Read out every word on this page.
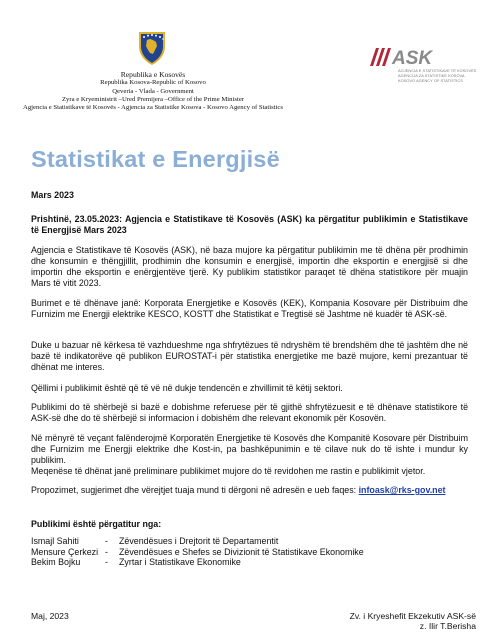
Republika e Kosovës
Republika Kosova-Republic of Kosovo
Qeveria - Vlada - Government
Zyra e Kryeministrit –Ured Premijera –Office of the Prime Minister
Agjencia e Statistikave të Kosovës - Agjencia za Statistike Kosova - Kosovo Agency of Statistics
ASK
AGJENCIA E STATISTIKAVE TË KOSOVËS
AGENCIJA ZA STATISTIKE KOSOVA
KOSOVO AGENCY OF STATISTICS
Statistikat e Energjisë
Mars 2023
Prishtinë, 23.05.2023: Agjencia e Statistikave të Kosovës (ASK) ka përgatitur publikimin e Statistikave të Energjisë Mars 2023
Agjencia e Statistikave të Kosovës (ASK), në baza mujore ka përgatitur publikimin me të dhëna për prodhimin dhe konsumin e thëngjillit, prodhimin dhe konsumin e energjisë, importin dhe eksportin e energjisë si dhe importin dhe eksportin e enërgjentëve tjerë. Ky publikim statistikor paraqet të dhëna statistikore për muajin Mars të vitit 2023.
Burimet e të dhënave janë: Korporata Energjetike e Kosovës (KEK), Kompania Kosovare për Distribuim dhe Furnizim me Energji elektrike KESCO, KOSTT dhe Statistikat e Tregtisë së Jashtme në kuadër të ASK-së.
Duke u bazuar në kërkesa të vazhdueshme nga shfrytëzues të ndryshëm të brendshëm dhe të jashtëm dhe në bazë të indikatorëve që publikon EUROSTAT-i për statistika energjetike me bazë mujore, kemi prezantuar të dhënat me interes.
Qëllimi i publikimit është që të vë në dukje tendencën e zhvillimit të këtij sektori.
Publikimi do të shërbejë si bazë e dobishme referuese për të gjithë shfrytëzuesit e të dhënave statistikore të ASK-së dhe do të shërbejë si informacion i dobishëm dhe relevant ekonomik për Kosovën.
Në mënyrë të veçant falënderojmë Korporatën Energjetike të Kosovës dhe Kompanitë Kosovare për Distribuim dhe Furnizim me Energji elektrike dhe Kost-in, pa bashkëpunimin e të cilave nuk do të ishte i mundur ky publikim.
Meqenëse të dhënat janë preliminare publikimet mujore do të revidohen me rastin e publikimit vjetor.
Propozimet, sugjerimet dhe vërejtjet tuaja mund ti dërgoni në adresën e ueb faqes: infoask@rks-gov.net
Publikimi është përgatitur nga:
Ismajl Sahiti	- Zëvendësues i Drejtorit të Departamentit
Mensure Çerkezi - Zëvendësues e Shefes se Divizionit të Statistikave Ekonomike
Bekim Bojku	- Zyrtar i Statistikave Ekonomike
Maj, 2023	Zv. i Kryeshefit Ekzekutiv ASK-së
z. Ilir T.Berisha
